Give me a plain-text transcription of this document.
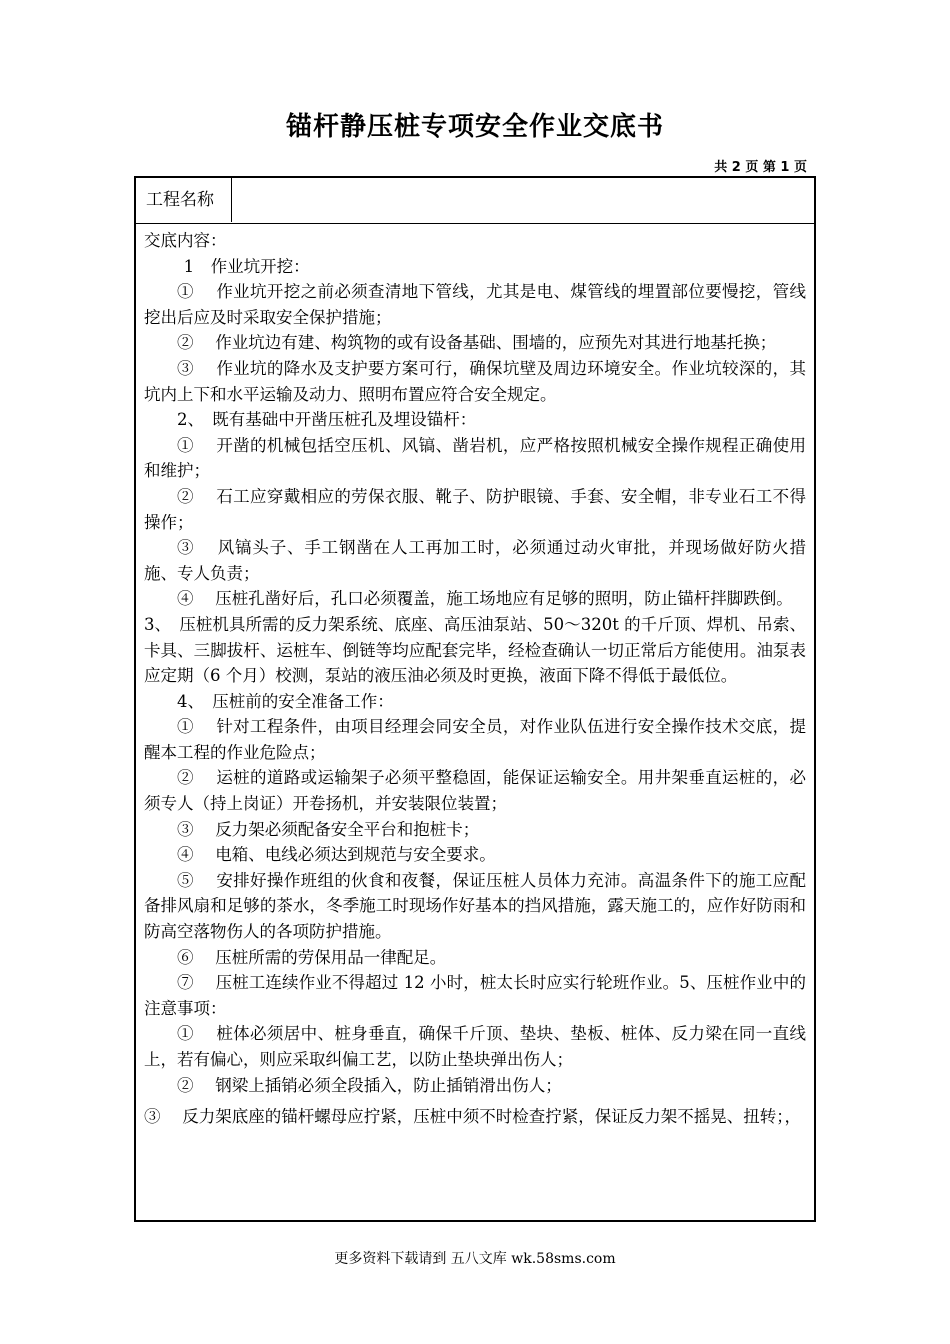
锚杆静压桩专项安全作业交底书
共 2 页 第 1 页
工程名称

交底内容：

1　作业坑开挖：

①　 作业坑开挖之前必须查清地下管线，尤其是电、煤管线的埋置部位要慢挖，管线挖出后应及时采取安全保护措施；

②　 作业坑边有建、构筑物的或有设备基础、围墙的，应预先对其进行地基托换；

③　 作业坑的降水及支护要方案可行，确保坑壁及周边环境安全。作业坑较深的，其坑内上下和水平运输及动力、照明布置应符合安全规定。

2、　既有基础中开凿压桩孔及埋设锚杆：

①　 开凿的机械包括空压机、风镐、凿岩机，应严格按照机械安全操作规程正确使用和维护；

②　 石工应穿戴相应的劳保衣服、靴子、防护眼镜、手套、安全帽，非专业石工不得操作；

③　 风镐头子、手工钢凿在人工再加工时，必须通过动火审批，并现场做好防火措施、专人负责；

④　 压桩孔凿好后，孔口必须覆盖，施工场地应有足够的照明，防止锚杆拌脚跌倒。

3、　压桩机具所需的反力架系统、底座、高压油泵站、50～320t 的千斤顶、焊机、吊索、卡具、三脚拔杆、运桩车、倒链等均应配套完毕，经检查确认一切正常后方能使用。油泵表应定期（6 个月）校测，泵站的液压油必须及时更换，液面下降不得低于最低位。

4、　压桩前的安全准备工作：

①　 针对工程条件，由项目经理会同安全员，对作业队伍进行安全操作技术交底，提醒本工程的作业危险点；

②　 运桩的道路或运输架子必须平整稳固，能保证运输安全。用井架垂直运桩的，必须专人（持上岗证）开卷扬机，并安装限位装置；

③　 反力架必须配备安全平台和抱桩卡；

④　 电箱、电线必须达到规范与安全要求。

⑤　 安排好操作班组的伙食和夜餐，保证压桩人员体力充沛。高温条件下的施工应配备排风扇和足够的茶水，冬季施工时现场作好基本的挡风措施，露天施工的，应作好防雨和防高空落物伤人的各项防护措施。

⑥　 压桩所需的劳保用品一律配足。

⑦　 压桩工连续作业不得超过 12 小时，桩太长时应实行轮班作业。5、压桩作业中的注意事项：

①　 桩体必须居中、桩身垂直，确保千斤顶、垫块、垫板、桩体、反力梁在同一直线上，若有偏心，则应采取纠偏工艺，以防止垫块弹出伤人；

②　 钢梁上插销必须全段插入，防止插销滑出伤人；

③　 反力架底座的锚杆螺母应拧紧，压桩中须不时检查拧紧，保证反力架不摇晃、扭转；，

更多资料下载请到 五八文库 wk.58sms.com
